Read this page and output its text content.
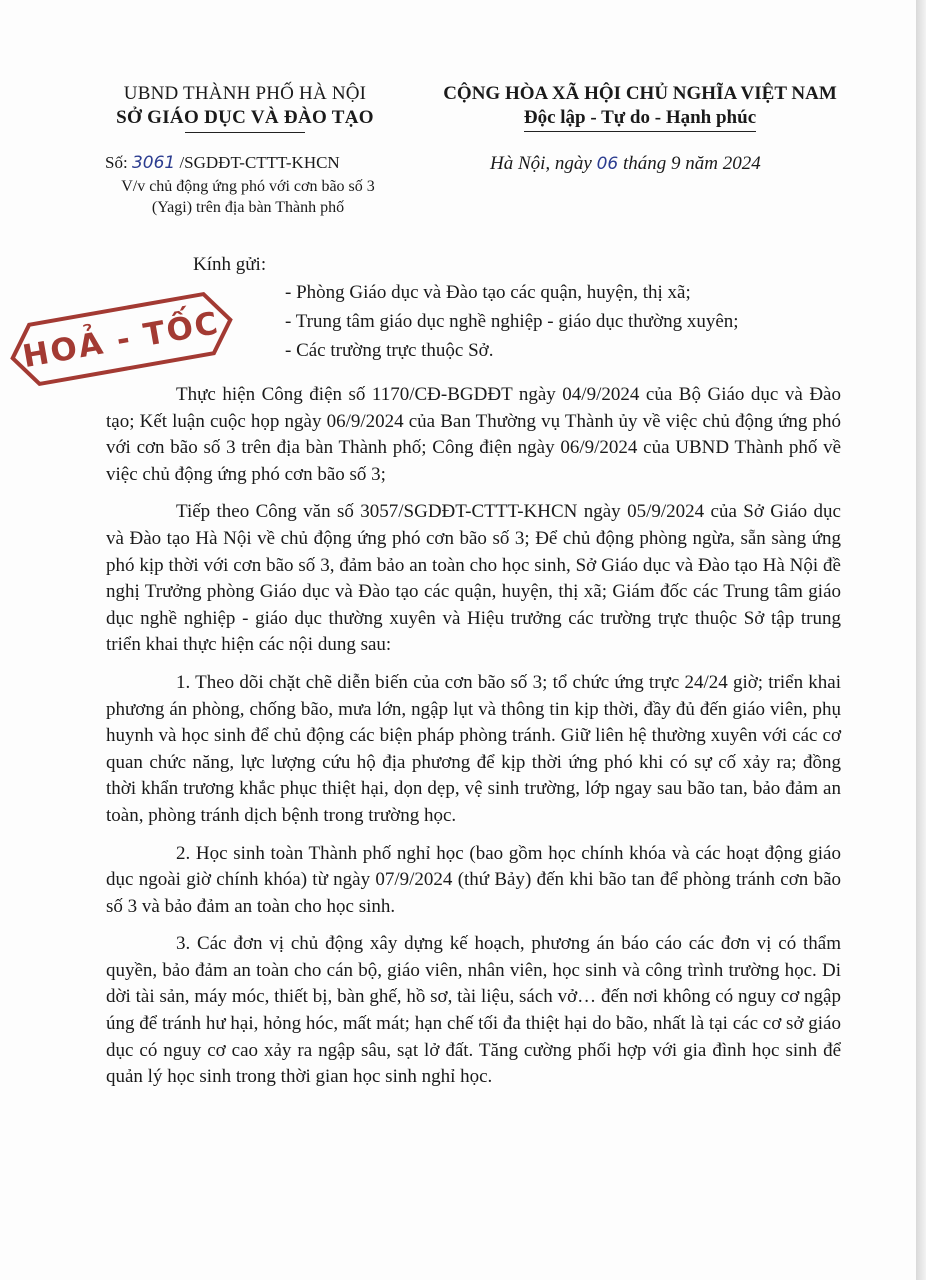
UBND THÀNH PHỐ HÀ NỘI
SỞ GIÁO DỤC VÀ ĐÀO TẠO
CỘNG HÒA XÃ HỘI CHỦ NGHĨA VIỆT NAM
Độc lập - Tự do - Hạnh phúc
Số: 3061 /SGDĐT-CTTT-KHCN
V/v chủ động ứng phó với cơn bão số 3 (Yagi) trên địa bàn Thành phố
Hà Nội, ngày 06 tháng 9 năm 2024
Kính gửi:
- Phòng Giáo dục và Đào tạo các quận, huyện, thị xã;
- Trung tâm giáo dục nghề nghiệp - giáo dục thường xuyên;
- Các trường trực thuộc Sở.
HOẢ - TỐC

Thực hiện Công điện số 1170/CĐ-BGDĐT ngày 04/9/2024 của Bộ Giáo dục và Đào tạo; Kết luận cuộc họp ngày 06/9/2024 của Ban Thường vụ Thành ủy về việc chủ động ứng phó với cơn bão số 3 trên địa bàn Thành phố; Công điện ngày 06/9/2024 của UBND Thành phố về việc chủ động ứng phó cơn bão số 3;

Tiếp theo Công văn số 3057/SGDĐT-CTTT-KHCN ngày 05/9/2024 của Sở Giáo dục và Đào tạo Hà Nội về chủ động ứng phó cơn bão số 3; Để chủ động phòng ngừa, sẵn sàng ứng phó kịp thời với cơn bão số 3, đảm bảo an toàn cho học sinh, Sở Giáo dục và Đào tạo Hà Nội đề nghị Trưởng phòng Giáo dục và Đào tạo các quận, huyện, thị xã; Giám đốc các Trung tâm giáo dục nghề nghiệp - giáo dục thường xuyên và Hiệu trưởng các trường trực thuộc Sở tập trung triển khai thực hiện các nội dung sau:

1. Theo dõi chặt chẽ diễn biến của cơn bão số 3; tổ chức ứng trực 24/24 giờ; triển khai phương án phòng, chống bão, mưa lớn, ngập lụt và thông tin kịp thời, đầy đủ đến giáo viên, phụ huynh và học sinh để chủ động các biện pháp phòng tránh. Giữ liên hệ thường xuyên với các cơ quan chức năng, lực lượng cứu hộ địa phương để kịp thời ứng phó khi có sự cố xảy ra; đồng thời khẩn trương khắc phục thiệt hại, dọn dẹp, vệ sinh trường, lớp ngay sau bão tan, bảo đảm an toàn, phòng tránh dịch bệnh trong trường học.

2. Học sinh toàn Thành phố nghỉ học (bao gồm học chính khóa và các hoạt động giáo dục ngoài giờ chính khóa) từ ngày 07/9/2024 (thứ Bảy) đến khi bão tan để phòng tránh cơn bão số 3 và bảo đảm an toàn cho học sinh.

3. Các đơn vị chủ động xây dựng kế hoạch, phương án báo cáo các đơn vị có thẩm quyền, bảo đảm an toàn cho cán bộ, giáo viên, nhân viên, học sinh và công trình trường học. Di dời tài sản, máy móc, thiết bị, bàn ghế, hồ sơ, tài liệu, sách vở… đến nơi không có nguy cơ ngập úng để tránh hư hại, hỏng hóc, mất mát; hạn chế tối đa thiệt hại do bão, nhất là tại các cơ sở giáo dục có nguy cơ cao xảy ra ngập sâu, sạt lở đất. Tăng cường phối hợp với gia đình học sinh để quản lý học sinh trong thời gian học sinh nghỉ học.
